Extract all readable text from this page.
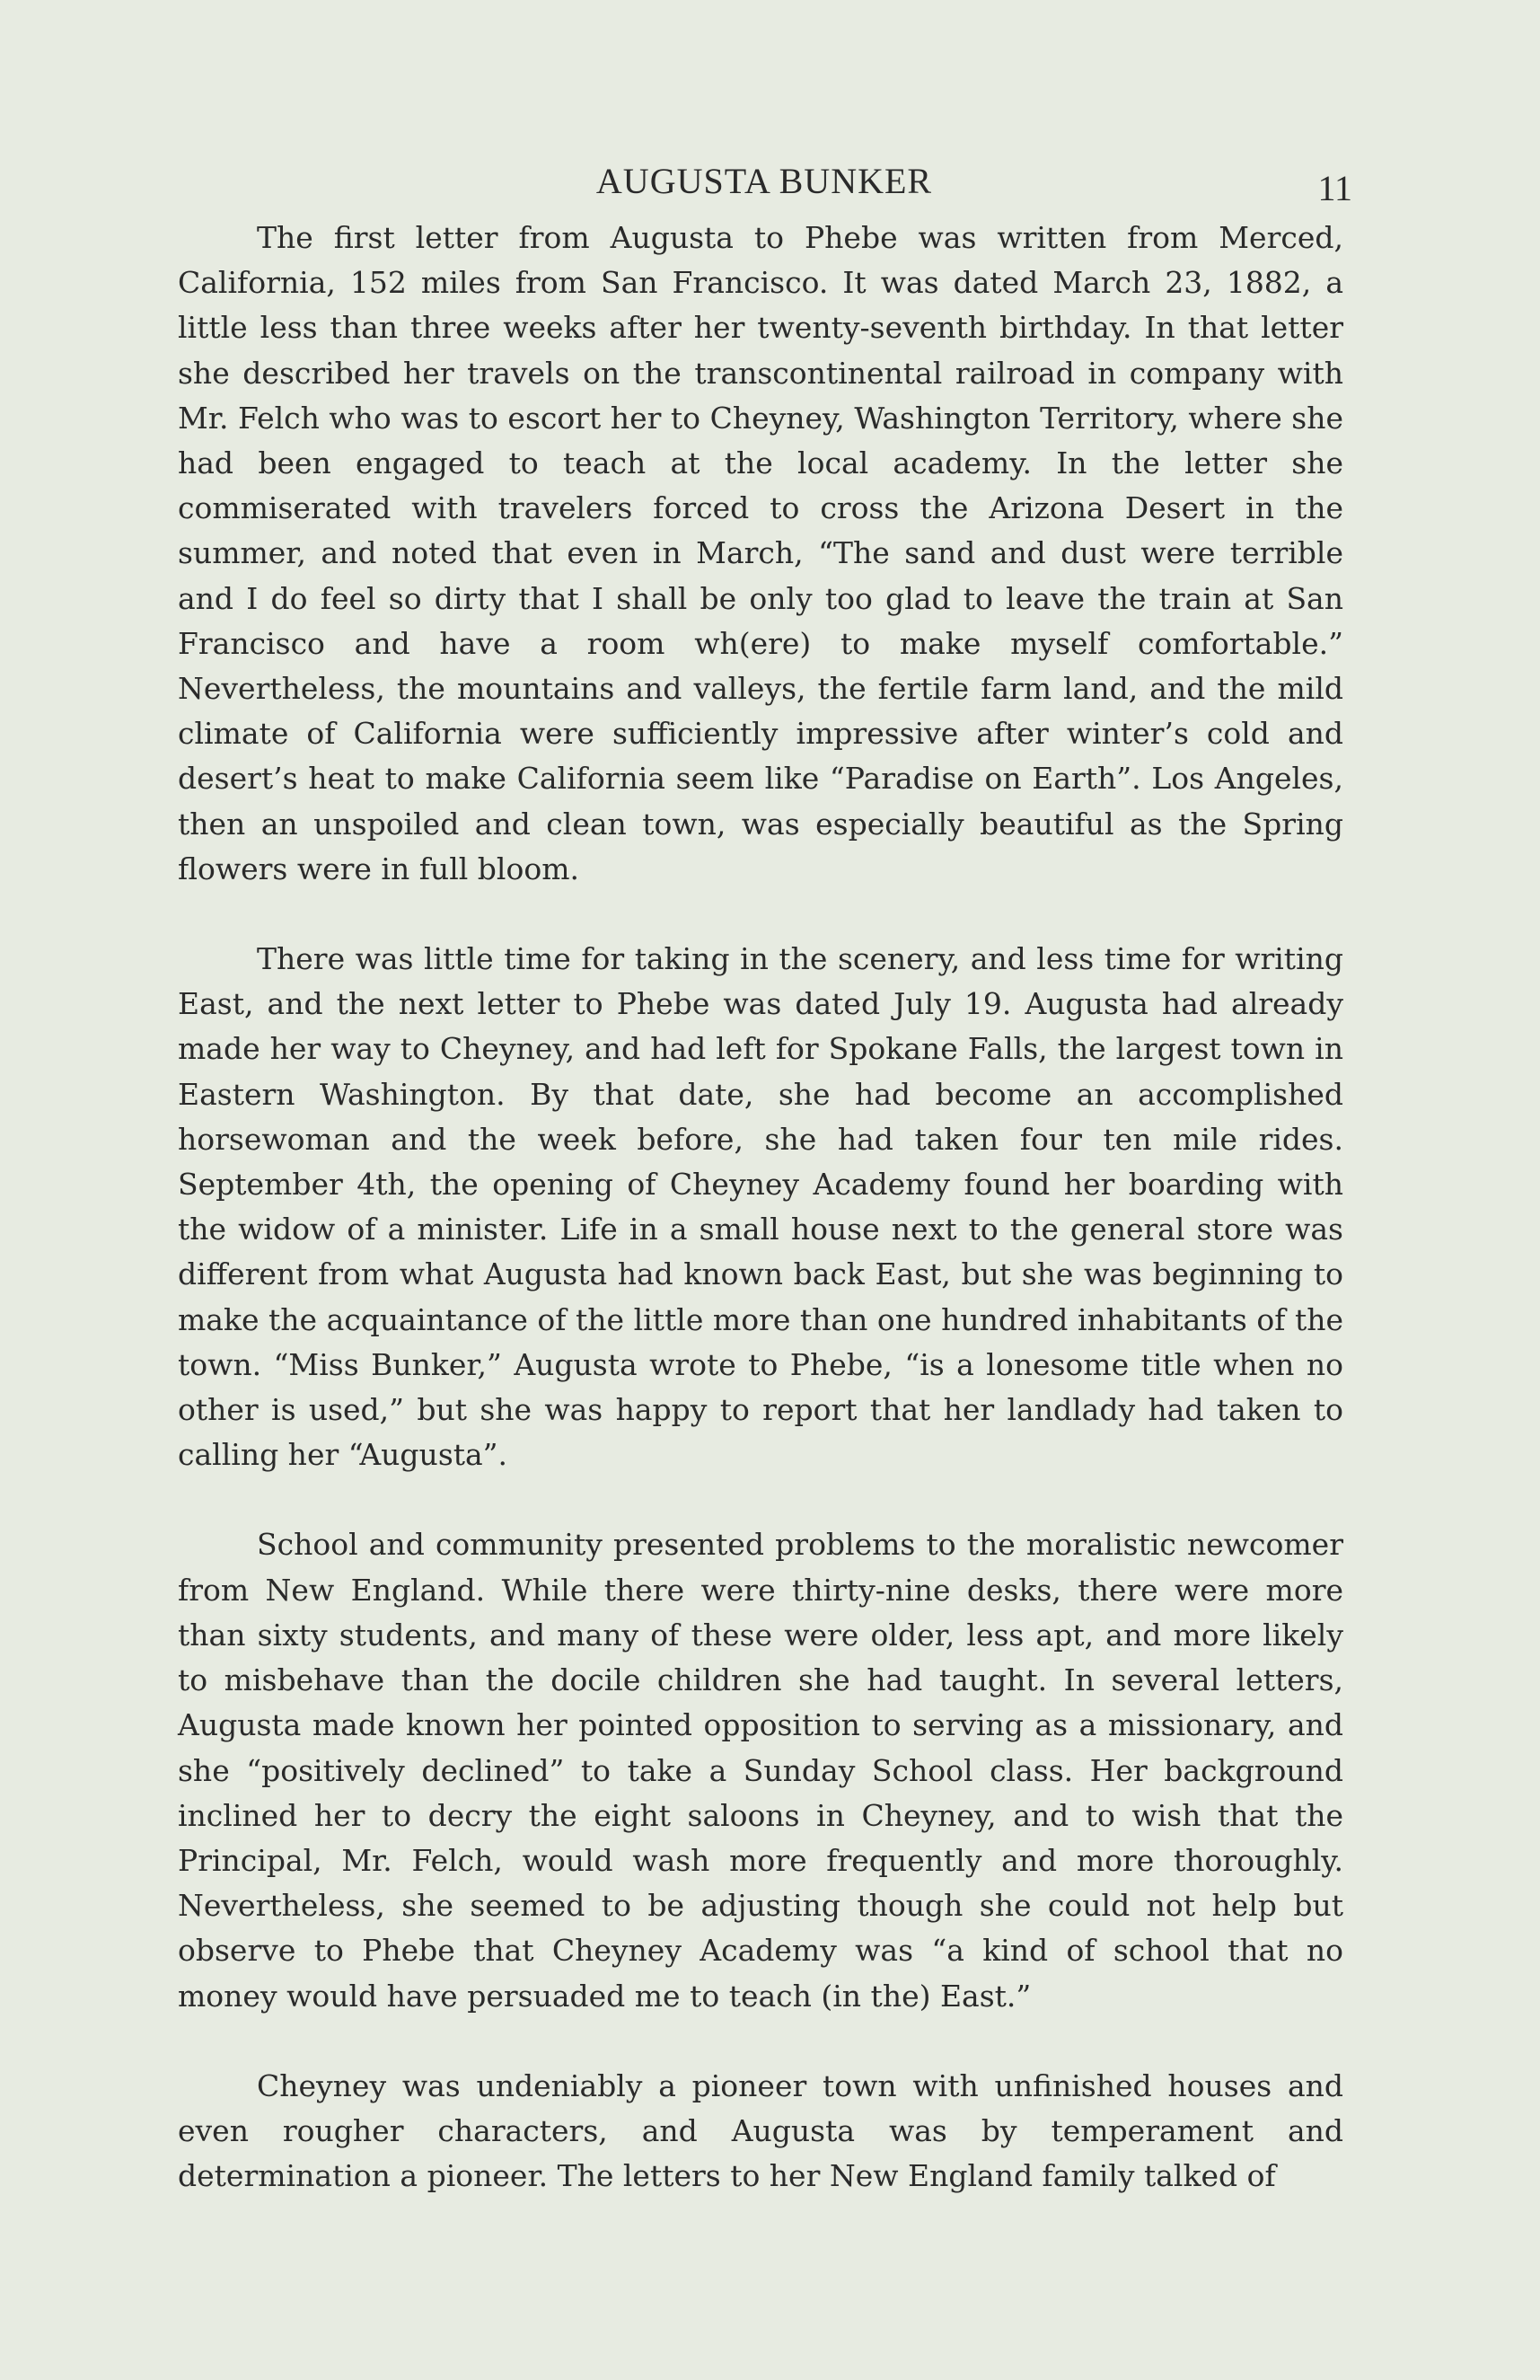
AUGUSTA BUNKER	11

The first letter from Augusta to Phebe was written from Merced, California, 152 miles from San Francisco. It was dated March 23, 1882, a little less than three weeks after her twenty-seventh birthday. In that letter she described her travels on the transcontinental railroad in company with Mr. Felch who was to escort her to Cheyney, Washington Territory, where she had been engaged to teach at the local academy. In the letter she commiserated with travelers forced to cross the Arizona Desert in the summer, and noted that even in March, “The sand and dust were terrible and I do feel so dirty that I shall be only too glad to leave the train at San Francisco and have a room wh(ere) to make myself comfortable.” Nevertheless, the mountains and valleys, the fertile farm land, and the mild climate of California were sufficiently impressive after winter’s cold and desert’s heat to make California seem like “Paradise on Earth”. Los Angeles, then an unspoiled and clean town, was especially beautiful as the Spring flowers were in full bloom.

There was little time for taking in the scenery, and less time for writing East, and the next letter to Phebe was dated July 19. Augusta had already made her way to Cheyney, and had left for Spokane Falls, the largest town in Eastern Washington. By that date, she had become an accomplished horsewoman and the week before, she had taken four ten mile rides. September 4th, the opening of Cheyney Academy found her boarding with the widow of a minister. Life in a small house next to the general store was different from what Augusta had known back East, but she was beginning to make the acquaintance of the little more than one hundred inhabitants of the town. “Miss Bunker,” Augusta wrote to Phebe, “is a lonesome title when no other is used,” but she was happy to report that her landlady had taken to calling her “Augusta”.

School and community presented problems to the moralistic newcomer from New England. While there were thirty-nine desks, there were more than sixty students, and many of these were older, less apt, and more likely to misbehave than the docile children she had taught. In several letters, Augusta made known her pointed opposition to serving as a missionary, and she “positively declined” to take a Sunday School class. Her background inclined her to decry the eight saloons in Cheyney, and to wish that the Principal, Mr. Felch, would wash more frequently and more thoroughly. Nevertheless, she seemed to be adjusting though she could not help but observe to Phebe that Cheyney Academy was “a kind of school that no money would have persuaded me to teach (in the) East.”

Cheyney was undeniably a pioneer town with unfinished houses and even rougher characters, and Augusta was by temperament and determination a pioneer. The letters to her New England family talked of
